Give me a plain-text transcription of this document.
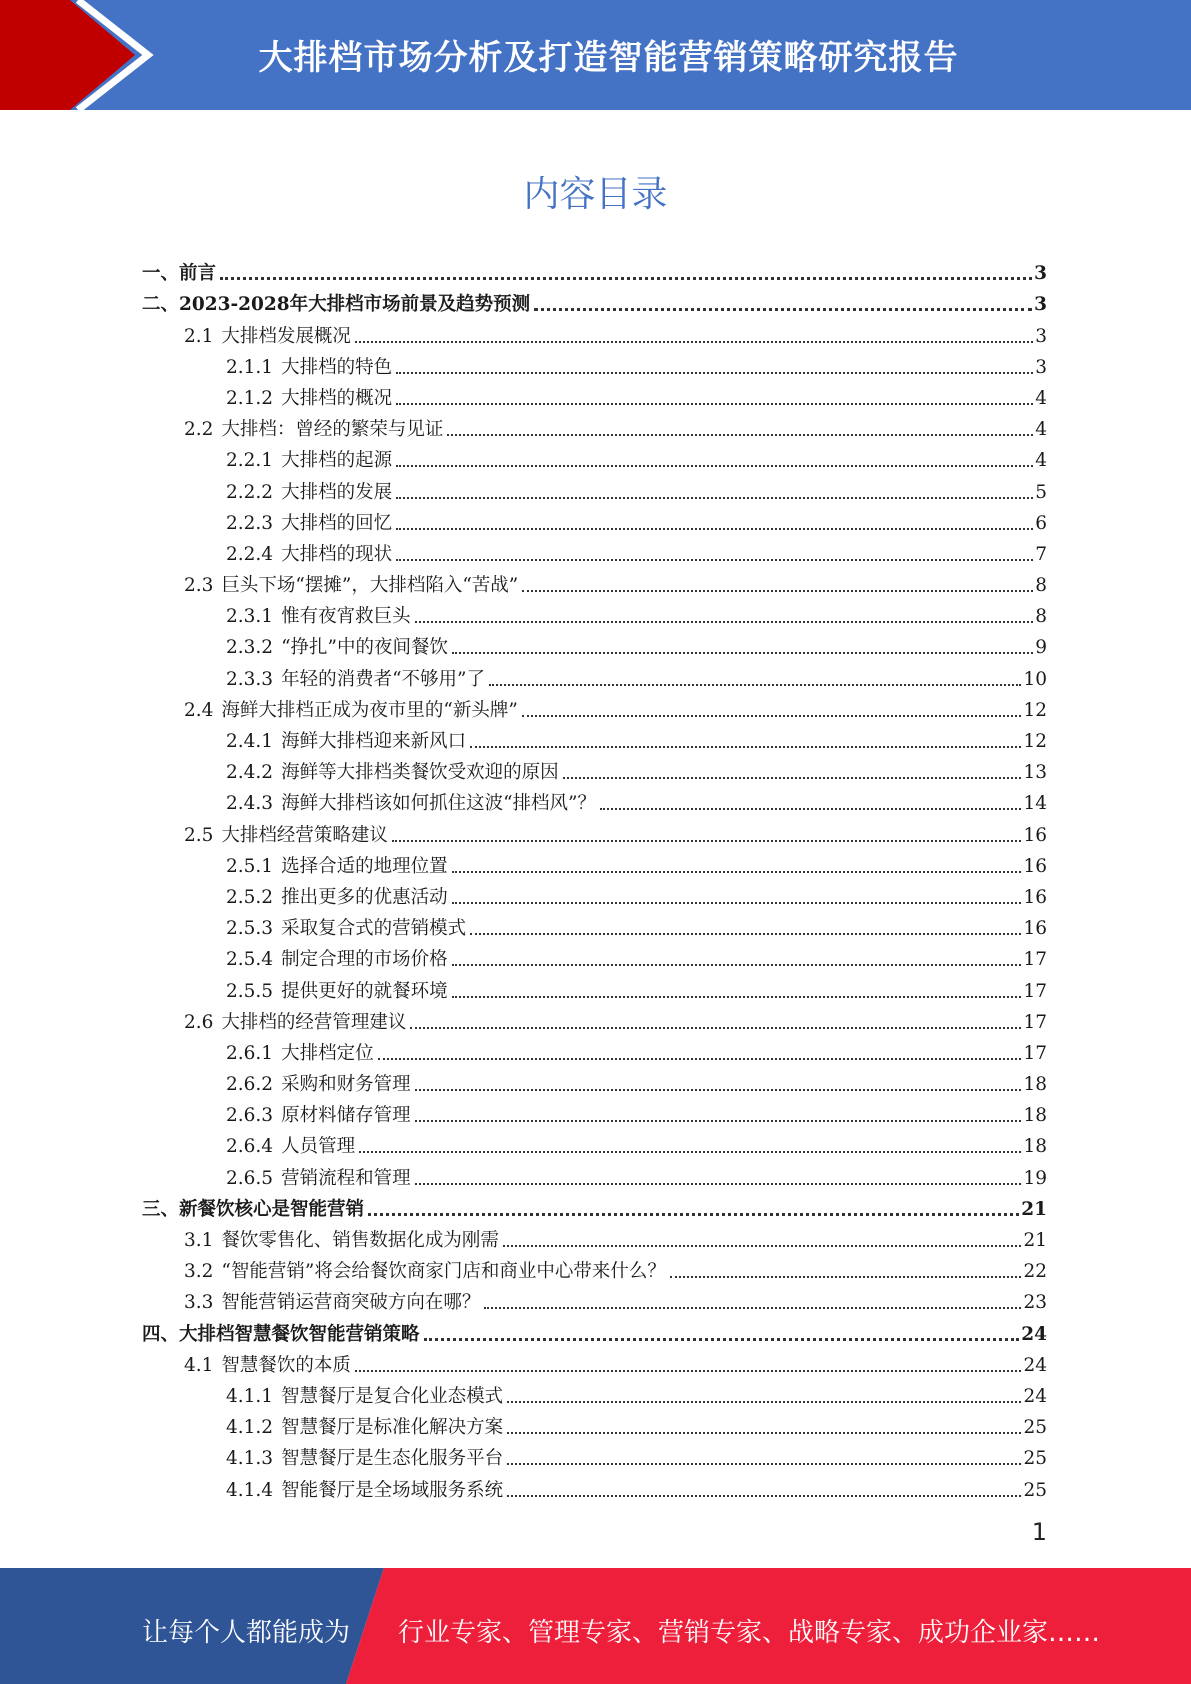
大排档市场分析及打造智能营销策略研究报告
内容目录
一、前言	3
二、2023-2028年大排档市场前景及趋势预测	3
2.1 大排档发展概况	3
2.1.1 大排档的特色	3
2.1.2 大排档的概况	4
2.2 大排档：曾经的繁荣与见证	4
2.2.1 大排档的起源	4
2.2.2 大排档的发展	5
2.2.3 大排档的回忆	6
2.2.4 大排档的现状	7
2.3 巨头下场“摆摊”，大排档陷入“苦战”	8
2.3.1 惟有夜宵救巨头	8
2.3.2 “挣扎”中的夜间餐饮	9
2.3.3 年轻的消费者“不够用”了	10
2.4 海鲜大排档正成为夜市里的“新头牌”	12
2.4.1 海鲜大排档迎来新风口	12
2.4.2 海鲜等大排档类餐饮受欢迎的原因	13
2.4.3 海鲜大排档该如何抓住这波“排档风”？	14
2.5 大排档经营策略建议	16
2.5.1 选择合适的地理位置	16
2.5.2 推出更多的优惠活动	16
2.5.3 采取复合式的营销模式	16
2.5.4 制定合理的市场价格	17
2.5.5 提供更好的就餐环境	17
2.6 大排档的经营管理建议	17
2.6.1 大排档定位	17
2.6.2 采购和财务管理	18
2.6.3 原材料储存管理	18
2.6.4 人员管理	18
2.6.5 营销流程和管理	19
三、新餐饮核心是智能营销	21
3.1 餐饮零售化、销售数据化成为刚需	21
3.2 “智能营销”将会给餐饮商家门店和商业中心带来什么？	22
3.3 智能营销运营商突破方向在哪？	23
四、大排档智慧餐饮智能营销策略	24
4.1 智慧餐饮的本质	24
4.1.1 智慧餐厅是复合化业态模式	24
4.1.2 智慧餐厅是标准化解决方案	25
4.1.3 智慧餐厅是生态化服务平台	25
4.1.4 智能餐厅是全场域服务系统	25
1
让每个人都能成为 行业专家、管理专家、营销专家、战略专家、成功企业家……
